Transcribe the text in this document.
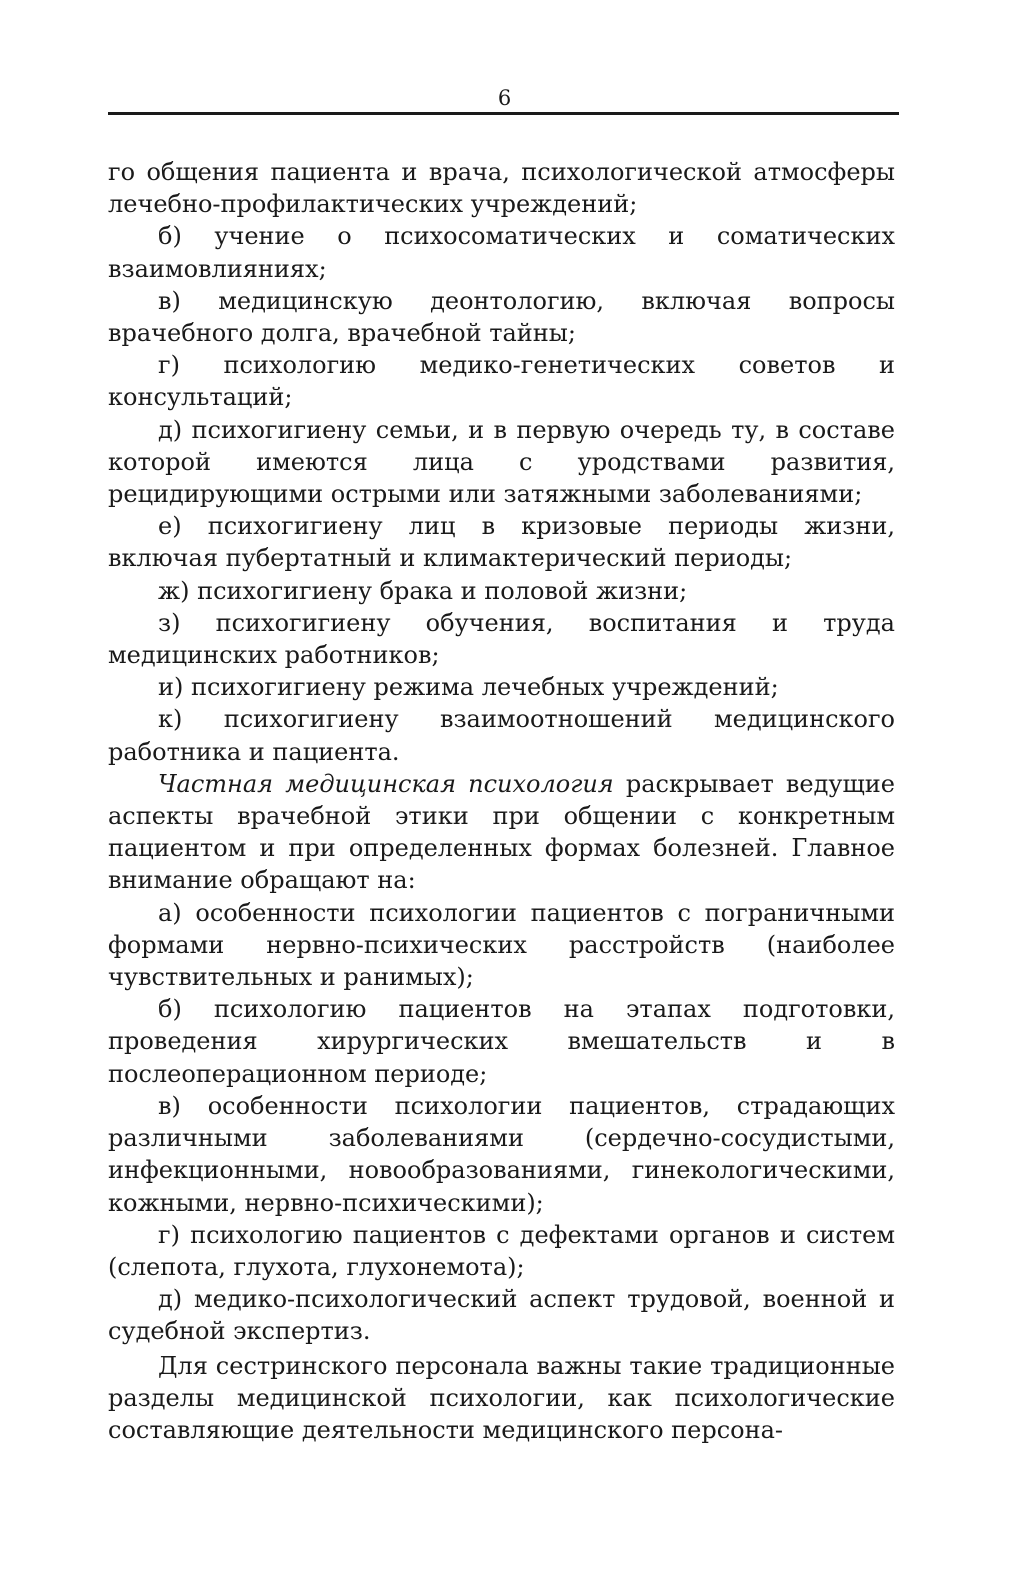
6

го общения пациента и врача, психологической атмосферы лечебно-профилактических учреждений;

б) учение о психосоматических и соматических взаимовлияниях;

в) медицинскую деонтологию, включая вопросы врачебного долга, врачебной тайны;

г) психологию медико-генетических советов и консультаций;

д) психогигиену семьи, и в первую очередь ту, в составе которой имеются лица с уродствами развития, рецидирующими острыми или затяжными заболеваниями;

е) психогигиену лиц в кризовые периоды жизни, включая пубертатный и климактерический периоды;

ж) психогигиену брака и половой жизни;

з) психогигиену обучения, воспитания и труда медицинских работников;

и) психогигиену режима лечебных учреждений;

к) психогигиену взаимоотношений медицинского работника и пациента.

Частная медицинская психология раскрывает ведущие аспекты врачебной этики при общении с конкретным пациентом и при определенных формах болезней. Главное внимание обращают на:

а) особенности психологии пациентов с пограничными формами нервно-психических расстройств (наиболее чувствительных и ранимых);

б) психологию пациентов на этапах подготовки, проведения хирургических вмешательств и в послеоперационном периоде;

в) особенности психологии пациентов, страдающих различными заболеваниями (сердечно-сосудистыми, инфекционными, новообразованиями, гинекологическими, кожными, нервно-психическими);

г) психологию пациентов с дефектами органов и систем (слепота, глухота, глухонемота);

д) медико-психологический аспект трудовой, военной и судебной экспертиз.

Для сестринского персонала важны такие традиционные разделы медицинской психологии, как психологические составляющие деятельности медицинского персона-
